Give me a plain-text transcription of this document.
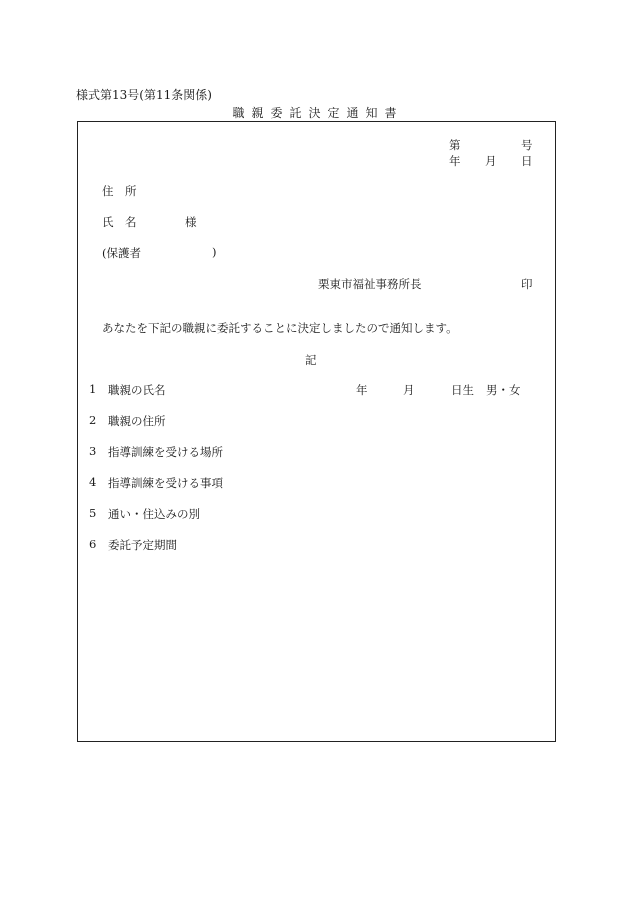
様式第13号(第11条関係)
職親委託決定通知書
第	号
年 月 日
住 所
氏 名	様
(保護者	)
栗東市福祉事務所長	印
あなたを下記の職親に委託することに決定しましたので通知します。
記
1 職親の氏名	年	月	日生 男・女
2 職親の住所
3 指導訓練を受ける場所
4 指導訓練を受ける事項
5 通い・住込みの別
6 委託予定期間
